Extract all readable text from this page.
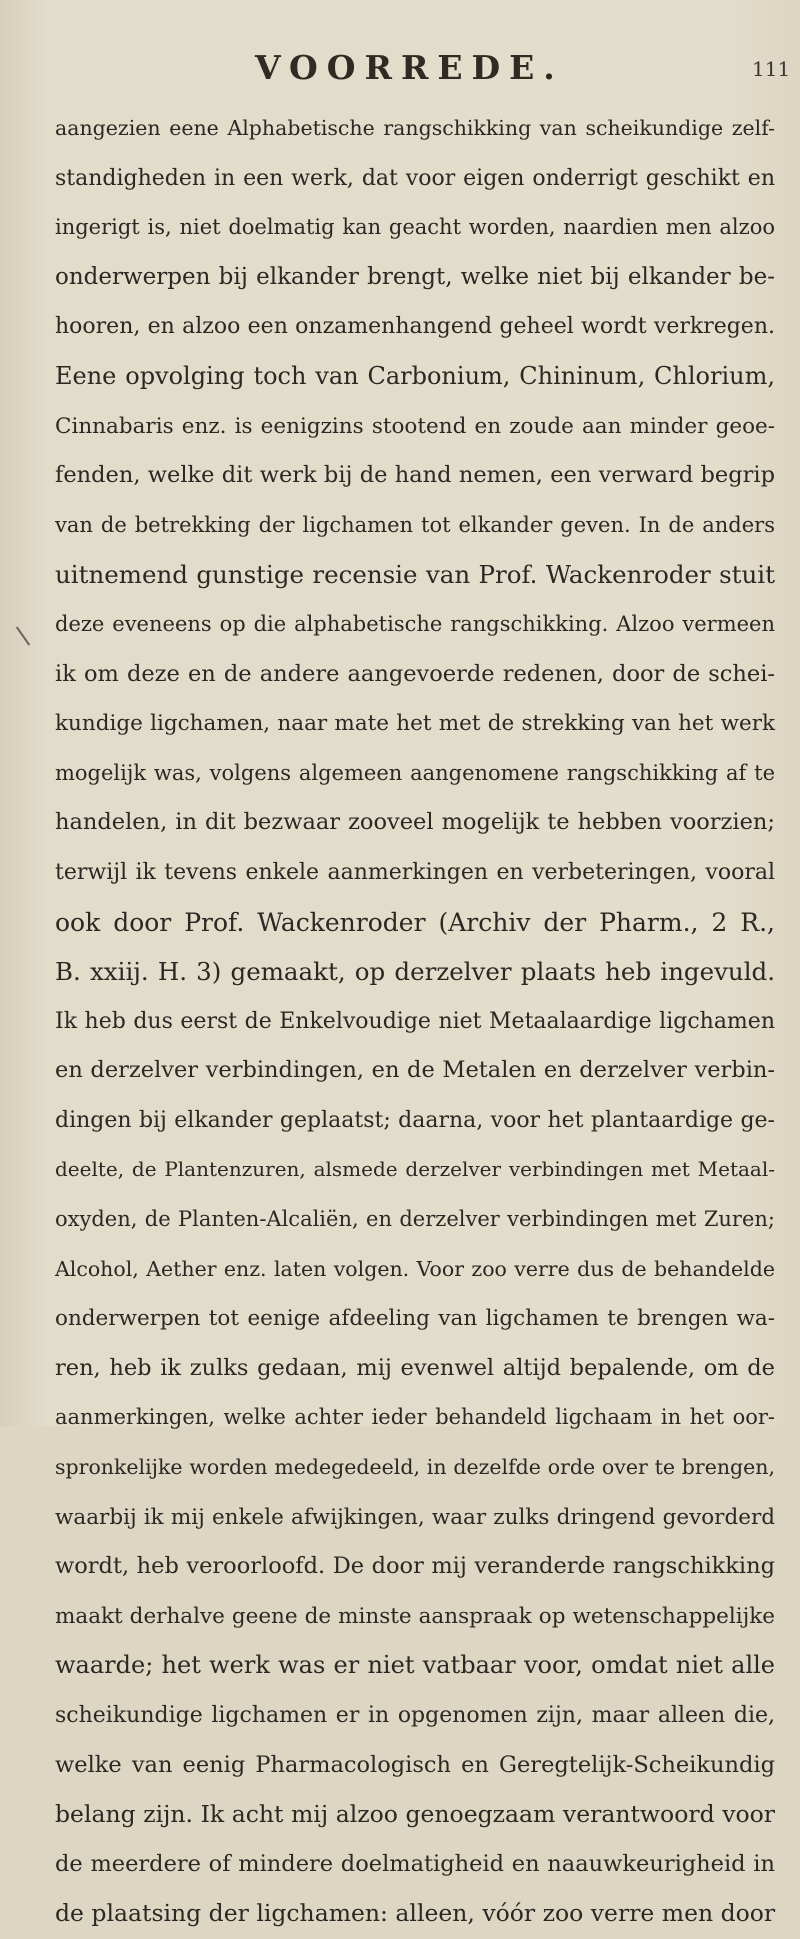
VOORREDE.	111
aangezien eene Alphabetische rangschikking van scheikundige zelf-
standigheden in een werk, dat voor eigen onderrigt geschikt en
ingerigt is, niet doelmatig kan geacht worden, naardien men alzoo
onderwerpen bij elkander brengt, welke niet bij elkander be-
hooren, en alzoo een onzamenhangend geheel wordt verkregen.
Eene opvolging toch van Carbonium, Chininum, Chlorium,
Cinnabaris enz. is eenigzins stootend en zoude aan minder geoe-
fenden, welke dit werk bij de hand nemen, een verward begrip
van de betrekking der ligchamen tot elkander geven. In de anders
uitnemend gunstige recensie van Prof. Wackenroder stuit
deze eveneens op die alphabetische rangschikking. Alzoo vermeen
ik om deze en de andere aangevoerde redenen, door de schei-
kundige ligchamen, naar mate het met de strekking van het werk
mogelijk was, volgens algemeen aangenomene rangschikking af te
handelen, in dit bezwaar zooveel mogelijk te hebben voorzien;
terwijl ik tevens enkele aanmerkingen en verbeteringen, vooral
ook door Prof. Wackenroder (Archiv der Pharm., 2 R.,
B. xxiij. H. 3) gemaakt, op derzelver plaats heb ingevuld.
Ik heb dus eerst de Enkelvoudige niet Metaalaardige ligchamen
en derzelver verbindingen, en de Metalen en derzelver verbin-
dingen bij elkander geplaatst; daarna, voor het plantaardige ge-
deelte, de Plantenzuren, alsmede derzelver verbindingen met Metaal-
oxyden, de Planten-Alcaliën, en derzelver verbindingen met Zuren;
Alcohol, Aether enz. laten volgen. Voor zoo verre dus de behandelde
onderwerpen tot eenige afdeeling van ligchamen te brengen wa-
ren, heb ik zulks gedaan, mij evenwel altijd bepalende, om de
aanmerkingen, welke achter ieder behandeld ligchaam in het oor-
spronkelijke worden medegedeeld, in dezelfde orde over te brengen,
waarbij ik mij enkele afwijkingen, waar zulks dringend gevorderd
wordt, heb veroorloofd. De door mij veranderde rangschikking
maakt derhalve geene de minste aanspraak op wetenschappelijke
waarde; het werk was er niet vatbaar voor, omdat niet alle
scheikundige ligchamen er in opgenomen zijn, maar alleen die,
welke van eenig Pharmacologisch en Geregtelijk-Scheikundig
belang zijn. Ik acht mij alzoo genoegzaam verantwoord voor
de meerdere of mindere doelmatigheid en naauwkeurigheid in
de plaatsing der ligchamen: alleen, vóór zoo verre men door
